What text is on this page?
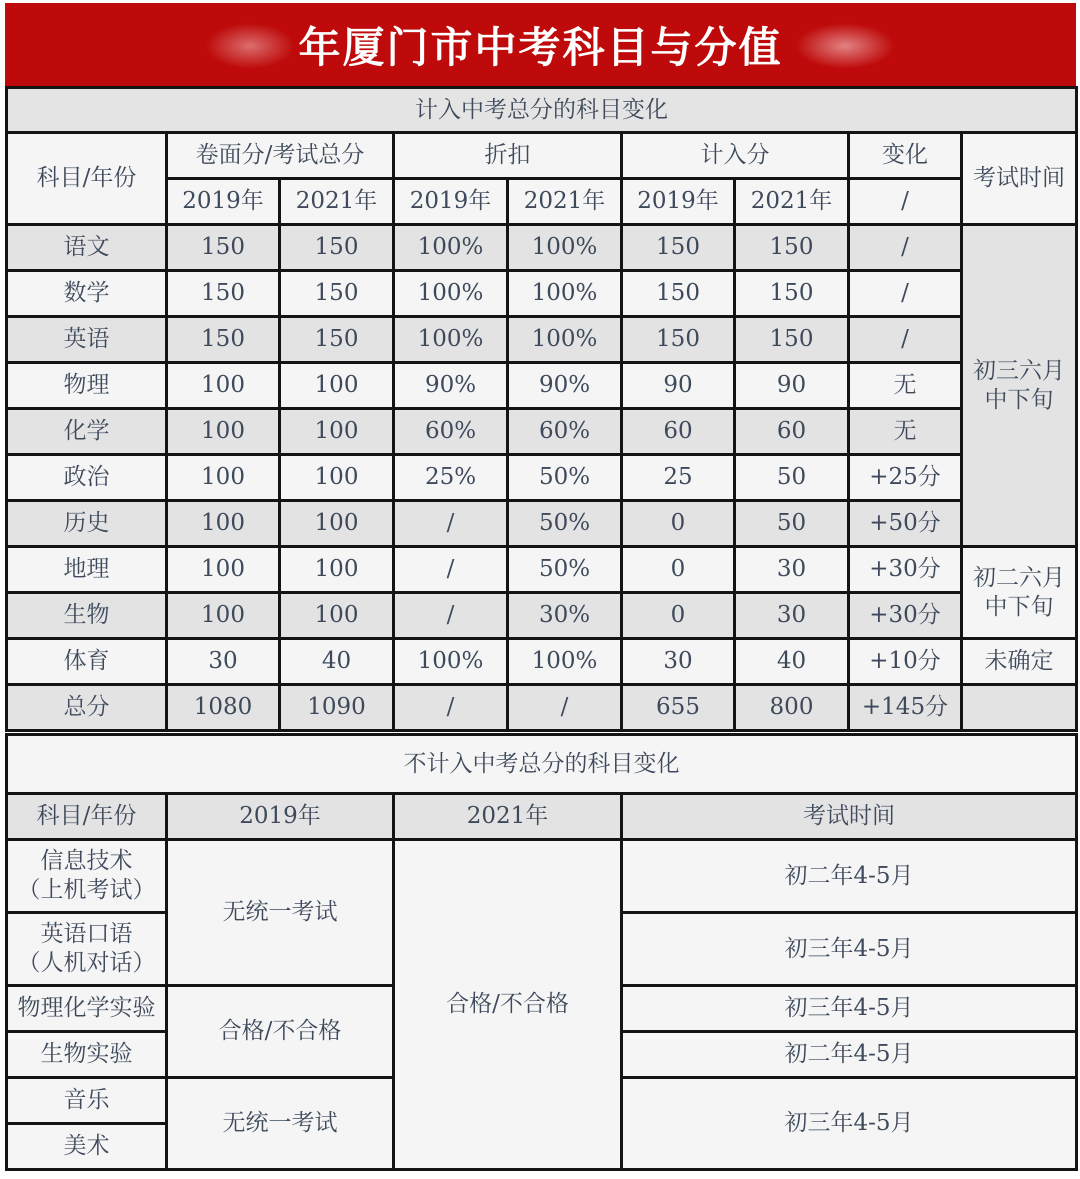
年厦门市中考科目与分值
计入中考总分的科目变化								
科目/年份	卷面分/考试总分		折扣		计入分		变化	考试时间
	2019年	2021年	2019年	2021年	2019年	2021年	/	
语文	150	150	100%	100%	150	150	/	初三六月中下旬
数学	150	150	100%	100%	150	150	/	
英语	150	150	100%	100%	150	150	/	
物理	100	100	90%	90%	90	90	无	
化学	100	100	60%	60%	60	60	无	
政治	100	100	25%	50%	25	50	+25分	
历史	100	100	/	50%	0	50	+50分	
地理	100	100	/	50%	0	30	+30分	初二六月中下旬
生物	100	100	/	30%	0	30	+30分	
体育	30	40	100%	100%	30	40	+10分	未确定
总分	1080	1090	/	/	655	800	+145分	
不计入中考总分的科目变化			
科目/年份	2019年	2021年	考试时间

信息技术
（上机考试）	无统一考试	合格/不合格	初二年4-5月

英语口语
（人机对话）			初三年4-5月
物理化学实验	合格/不合格		初三年4-5月
生物实验			初二年4-5月
音乐	无统一考试		初三年4-5月
美术			
